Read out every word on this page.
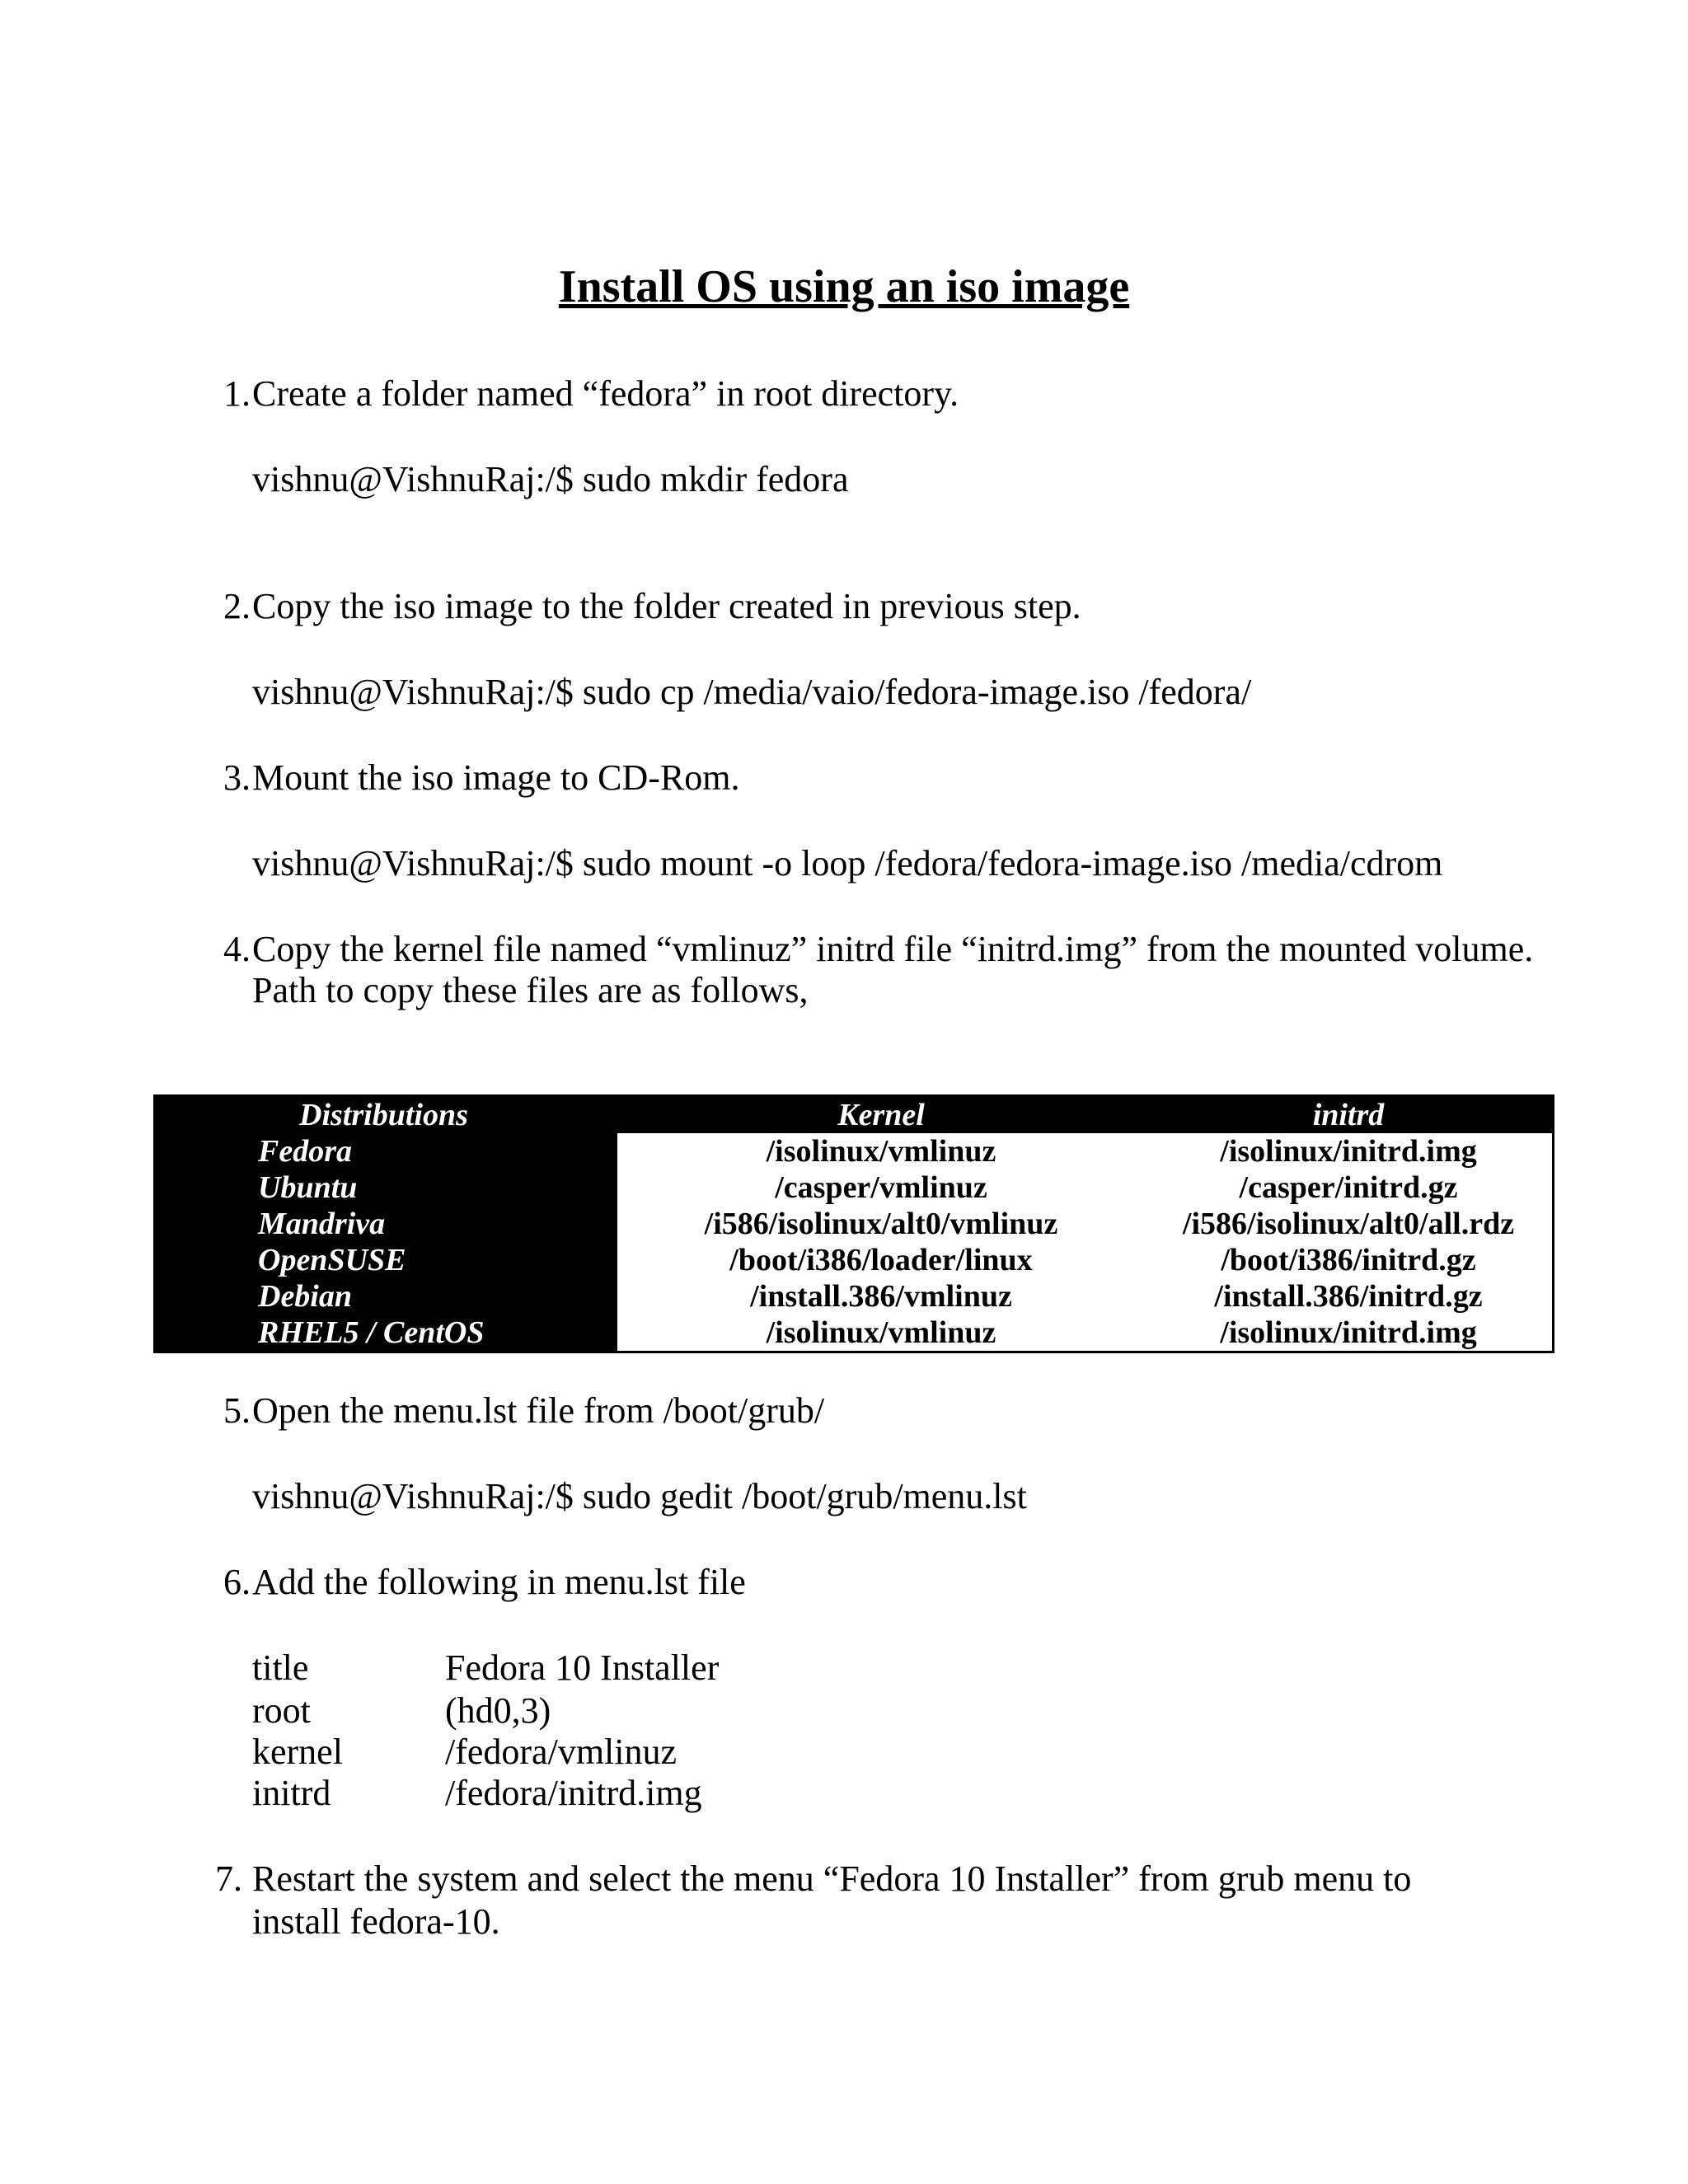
Install OS using an iso image
1. Create a folder named “fedora” in root directory.
vishnu@VishnuRaj:/$ sudo mkdir fedora
2. Copy the iso image to the folder created in previous step.
vishnu@VishnuRaj:/$ sudo cp /media/vaio/fedora-image.iso /fedora/
3. Mount the iso image to CD-Rom.
vishnu@VishnuRaj:/$ sudo mount -o loop /fedora/fedora-image.iso /media/cdrom
4. Copy the kernel file named “vmlinuz” initrd file “initrd.img” from the mounted volume.
Path to copy these files are as follows,
Distributions	Kernel	initrd
Fedora	/isolinux/vmlinuz	/isolinux/initrd.img
Ubuntu	/casper/vmlinuz	/casper/initrd.gz
Mandriva	/i586/isolinux/alt0/vmlinuz	/i586/isolinux/alt0/all.rdz
OpenSUSE	/boot/i386/loader/linux	/boot/i386/initrd.gz
Debian	/install.386/vmlinuz	/install.386/initrd.gz
RHEL5 / CentOS	/isolinux/vmlinuz	/isolinux/initrd.img
5. Open the menu.lst file from /boot/grub/
vishnu@VishnuRaj:/$ sudo gedit /boot/grub/menu.lst
6. Add the following in menu.lst file
title	Fedora 10 Installer
root	(hd0,3)
kernel	/fedora/vmlinuz
initrd	/fedora/initrd.img
7. Restart the system and select the menu “Fedora 10 Installer” from grub menu to
install fedora-10.
